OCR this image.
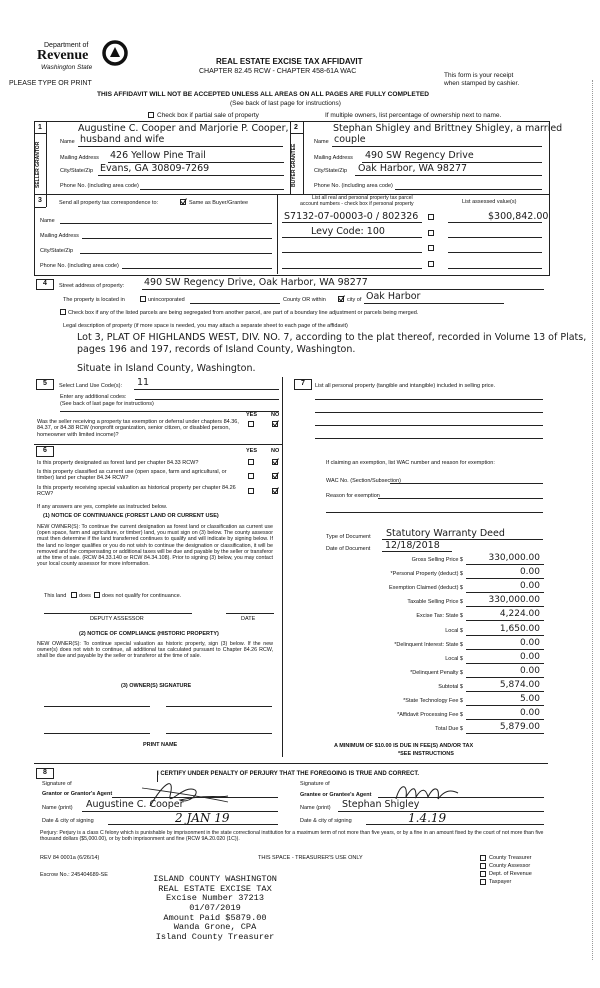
Department of
Revenue
Washington State
PLEASE TYPE OR PRINT
REAL ESTATE EXCISE TAX AFFIDAVIT
CHAPTER 82.45 RCW - CHAPTER 458-61A WAC
This form is your receipt
when stamped by cashier.
THIS AFFIDAVIT WILL NOT BE ACCEPTED UNLESS ALL AREAS ON ALL PAGES ARE FULLY COMPLETED
(See back of last page for instructions)
Check box if partial sale of property	If multiple owners, list percentage of ownership next to name.
1	2
SELLER GRANTOR	BUYER GRANTEE
Augustine C. Cooper and Marjorie P. Cooper,
Name husband and wife
Mailing Address 426 Yellow Pine Trail
City/State/Zip Evans, GA 30809-7269
Phone No. (including area code)
Stephan Shigley and Brittney Shigley, a married
Name couple
Mailing Address 490 SW Regency Drive
City/State/Zip Oak Harbor, WA 98277
Phone No. (including area code)
3	Send all property tax correspondence to:	Same as Buyer/Grantee
List all real and personal property tax parcel
account numbers - check box if personal property	List assessed value(s)
Name
Mailing Address
City/State/Zip
Phone No. (including area code)
S7132-07-00003-0 / 802326	$300,842.00
Levy Code: 100
4	Street address of property: 490 SW Regency Drive, Oak Harbor, WA 98277
The property is located in	unincorporated	County OR within	city of Oak Harbor
Check box if any of the listed parcels are being segregated from another parcel, are part of a boundary line adjustment or parcels being merged.
Legal description of property (if more space is needed, you may attach a separate sheet to each page of the affidavit)
Lot 3, PLAT OF HIGHLANDS WEST, DIV. NO. 7, according to the plat thereof, recorded in Volume 13 of Plats,
pages 196 and 197, records of Island County, Washington.
Situate in Island County, Washington.
5	Select Land Use Code(s): 11
Enter any additional codes:
(See back of last page for instructions)
YES	NO
Was the seller receiving a property tax exemption or deferral under chapters 84.36, 84.37, or 84.38 RCW (nonprofit organization, senior citizen, or disabled person, homeowner with limited income)?
6	YES	NO
Is this property designated as forest land per chapter 84.33 RCW?
Is this property classified as current use (open space, farm and agricultural, or timber) land per chapter 84.34 RCW?
Is this property receiving special valuation as historical property per chapter 84.26 RCW?
If any answers are yes, complete as instructed below.
(1) NOTICE OF CONTINUANCE (FOREST LAND OR CURRENT USE)
NEW OWNER(S): To continue the current designation as forest land or classification as current use (open space, farm and agriculture, or timber) land, you must sign on (3) below. The county assessor must then determine if the land transferred continues to qualify and will indicate by signing below. If the land no longer qualifies or you do not wish to continue the designation or classification, it will be removed and the compensating or additional taxes will be due and payable by the seller or transferor at the time of sale. (RCW 84.33.140 or RCW 84.34.108). Prior to signing (3) below, you may contact your local county assessor for more information.
This land does does not qualify for continuance.
DEPUTY ASSESSOR	DATE
(2) NOTICE OF COMPLIANCE (HISTORIC PROPERTY)
NEW OWNER(S): To continue special valuation as historic property, sign (3) below. If the new owner(s) does not wish to continue, all additional tax calculated pursuant to Chapter 84.26 RCW, shall be due and payable by the seller or transferor at the time of sale.
(3) OWNER(S) SIGNATURE
PRINT NAME
7	List all personal property (tangible and intangible) included in selling price.
If claiming an exemption, list WAC number and reason for exemption:
WAC No. (Section/Subsection)
Reason for exemption
Type of Document Statutory Warranty Deed
Date of Document 12/18/2018
Gross Selling Price $	330,000.00
*Personal Property (deduct) $	0.00
Exemption Claimed (deduct) $	0.00
Taxable Selling Price $	330,000.00
Excise Tax: State $	4,224.00
Local $	1,650.00
*Delinquent Interest: State $	0.00
Local $	0.00
*Delinquent Penalty $	0.00
Subtotal $	5,874.00
*State Technology Fee $	5.00
*Affidavit Processing Fee $	0.00
Total Due $	5,879.00
A MINIMUM OF $10.00 IS DUE IN FEE(S) AND/OR TAX
*SEE INSTRUCTIONS
8	I CERTIFY UNDER PENALTY OF PERJURY THAT THE FOREGOING IS TRUE AND CORRECT.
Signature of
Grantor or Grantor's Agent
Name (print) Augustine C. Cooper
Date & city of signing	2 JAN 19
Signature of
Grantee or Grantee's Agent
Name (print) Stephan Shigley
Date & city of signing	1.4.19
Perjury: Perjury is a class C felony which is punishable by imprisonment in the state correctional institution for a maximum term of not more than five years, or by a fine in an amount fixed by the court of not more than five thousand dollars ($5,000.00), or by both imprisonment and fine (RCW 9A.20.020 (1C)).
REV 84 0001a (6/26/14)	THIS SPACE - TREASURER'S USE ONLY
Escrow No.: 245404689-SE
County Treasurer
County Assessor
Dept. of Revenue
Taxpayer
ISLAND COUNTY WASHINGTON
REAL ESTATE EXCISE TAX
Excise Number 37213
01/07/2019
Amount Paid $5879.00
Wanda Grone, CPA
Island County Treasurer
